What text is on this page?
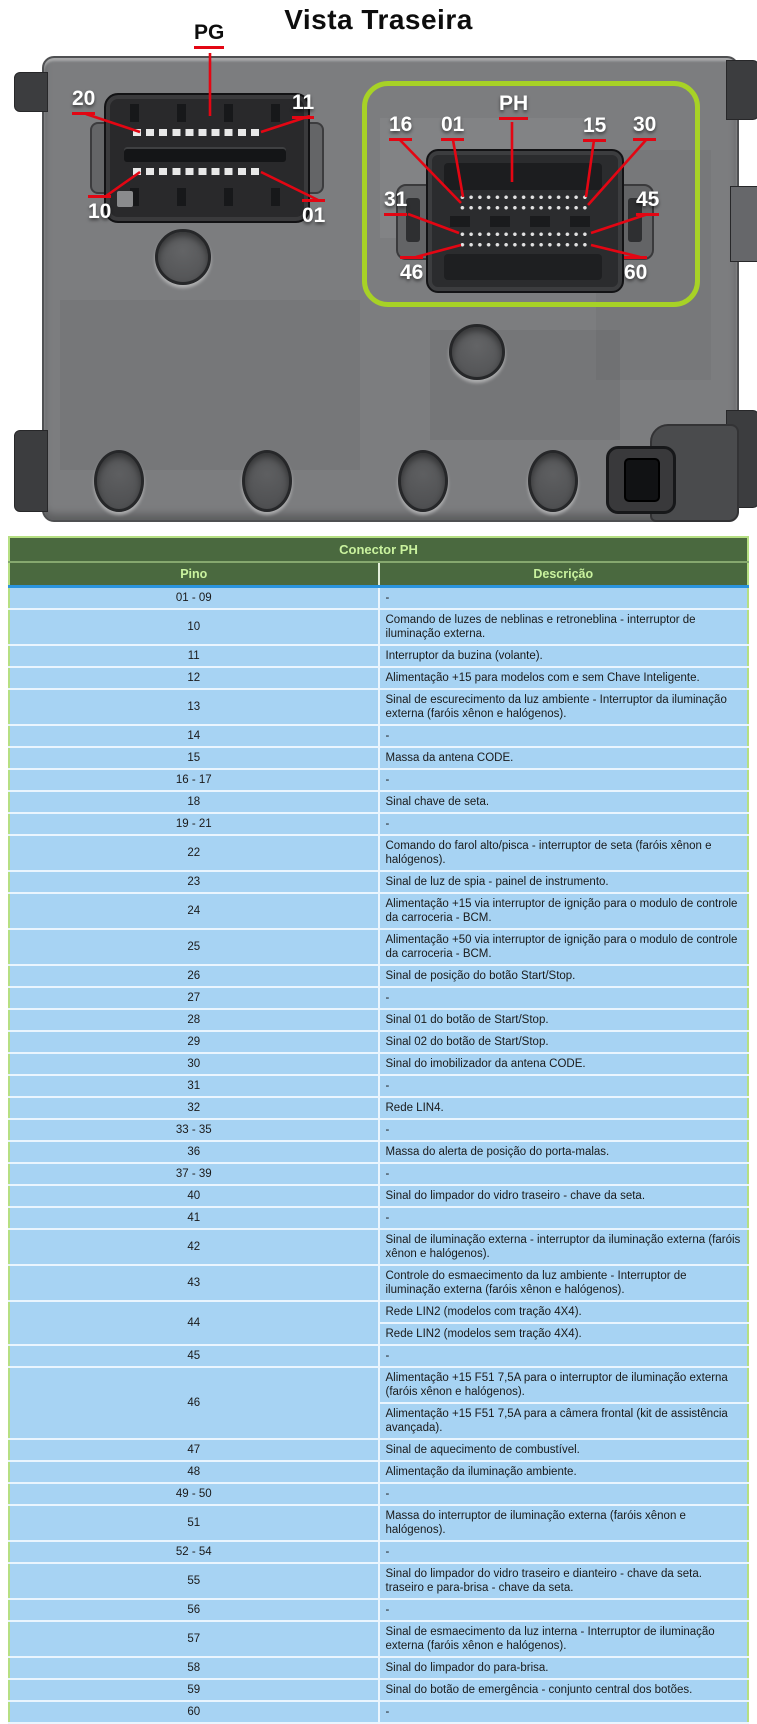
Vista Traseira
PG
20	11
10	01
PH
16 01	15 30
31	45
46	60
Conector PH	
Pino	Descrição
01 - 09	-
10	Comando de luzes de neblinas e retroneblina - interruptor de iluminação externa.
11	Interruptor da buzina (volante).
12	Alimentação +15 para modelos com e sem Chave Inteligente.
13	Sinal de escurecimento da luz ambiente - Interruptor da iluminação externa (faróis xênon e halógenos).
14	-
15	Massa da antena CODE.
16 - 17	-
18	Sinal chave de seta.
19 - 21	-
22	Comando do farol alto/pisca - interruptor de seta (faróis xênon e halógenos).
23	Sinal de luz de spia - painel de instrumento.
24	Alimentação +15 via interruptor de ignição para o modulo de controle da carroceria - BCM.
25	Alimentação +50 via interruptor de ignição para o modulo de controle da carroceria - BCM.
26	Sinal de posição do botão Start/Stop.
27	-
28	Sinal 01 do botão de Start/Stop.
29	Sinal 02 do botão de Start/Stop.
30	Sinal do imobilizador da antena CODE.
31	-
32	Rede LIN4.
33 - 35	-
36	Massa do alerta de posição do porta-malas.
37 - 39	-
40	Sinal do limpador do vidro traseiro - chave da seta.
41	-
42	Sinal de iluminação externa - interruptor da iluminação externa (faróis xênon e halógenos).
43	Controle do esmaecimento da luz ambiente - Interruptor de iluminação externa (faróis xênon e halógenos).
44	Rede LIN2 (modelos com tração 4X4).
	Rede LIN2 (modelos sem tração 4X4).
45	-
46	Alimentação +15 F51 7,5A para o interruptor de iluminação externa (faróis xênon e halógenos).
	Alimentação +15 F51 7,5A para a câmera frontal (kit de assistência avançada).
47	Sinal de aquecimento de combustível.
48	Alimentação da iluminação ambiente.
49 - 50	-
51	Massa do interruptor de iluminação externa (faróis xênon e halógenos).
52 - 54	-
55	Sinal do limpador do vidro traseiro e dianteiro - chave da seta. traseiro e para-brisa - chave da seta.
56	-
57	Sinal de esmaecimento da luz interna - Interruptor de iluminação externa (faróis xênon e halógenos).
58	Sinal do limpador do para-brisa.
59	Sinal do botão de emergência - conjunto central dos botões.
60	-
